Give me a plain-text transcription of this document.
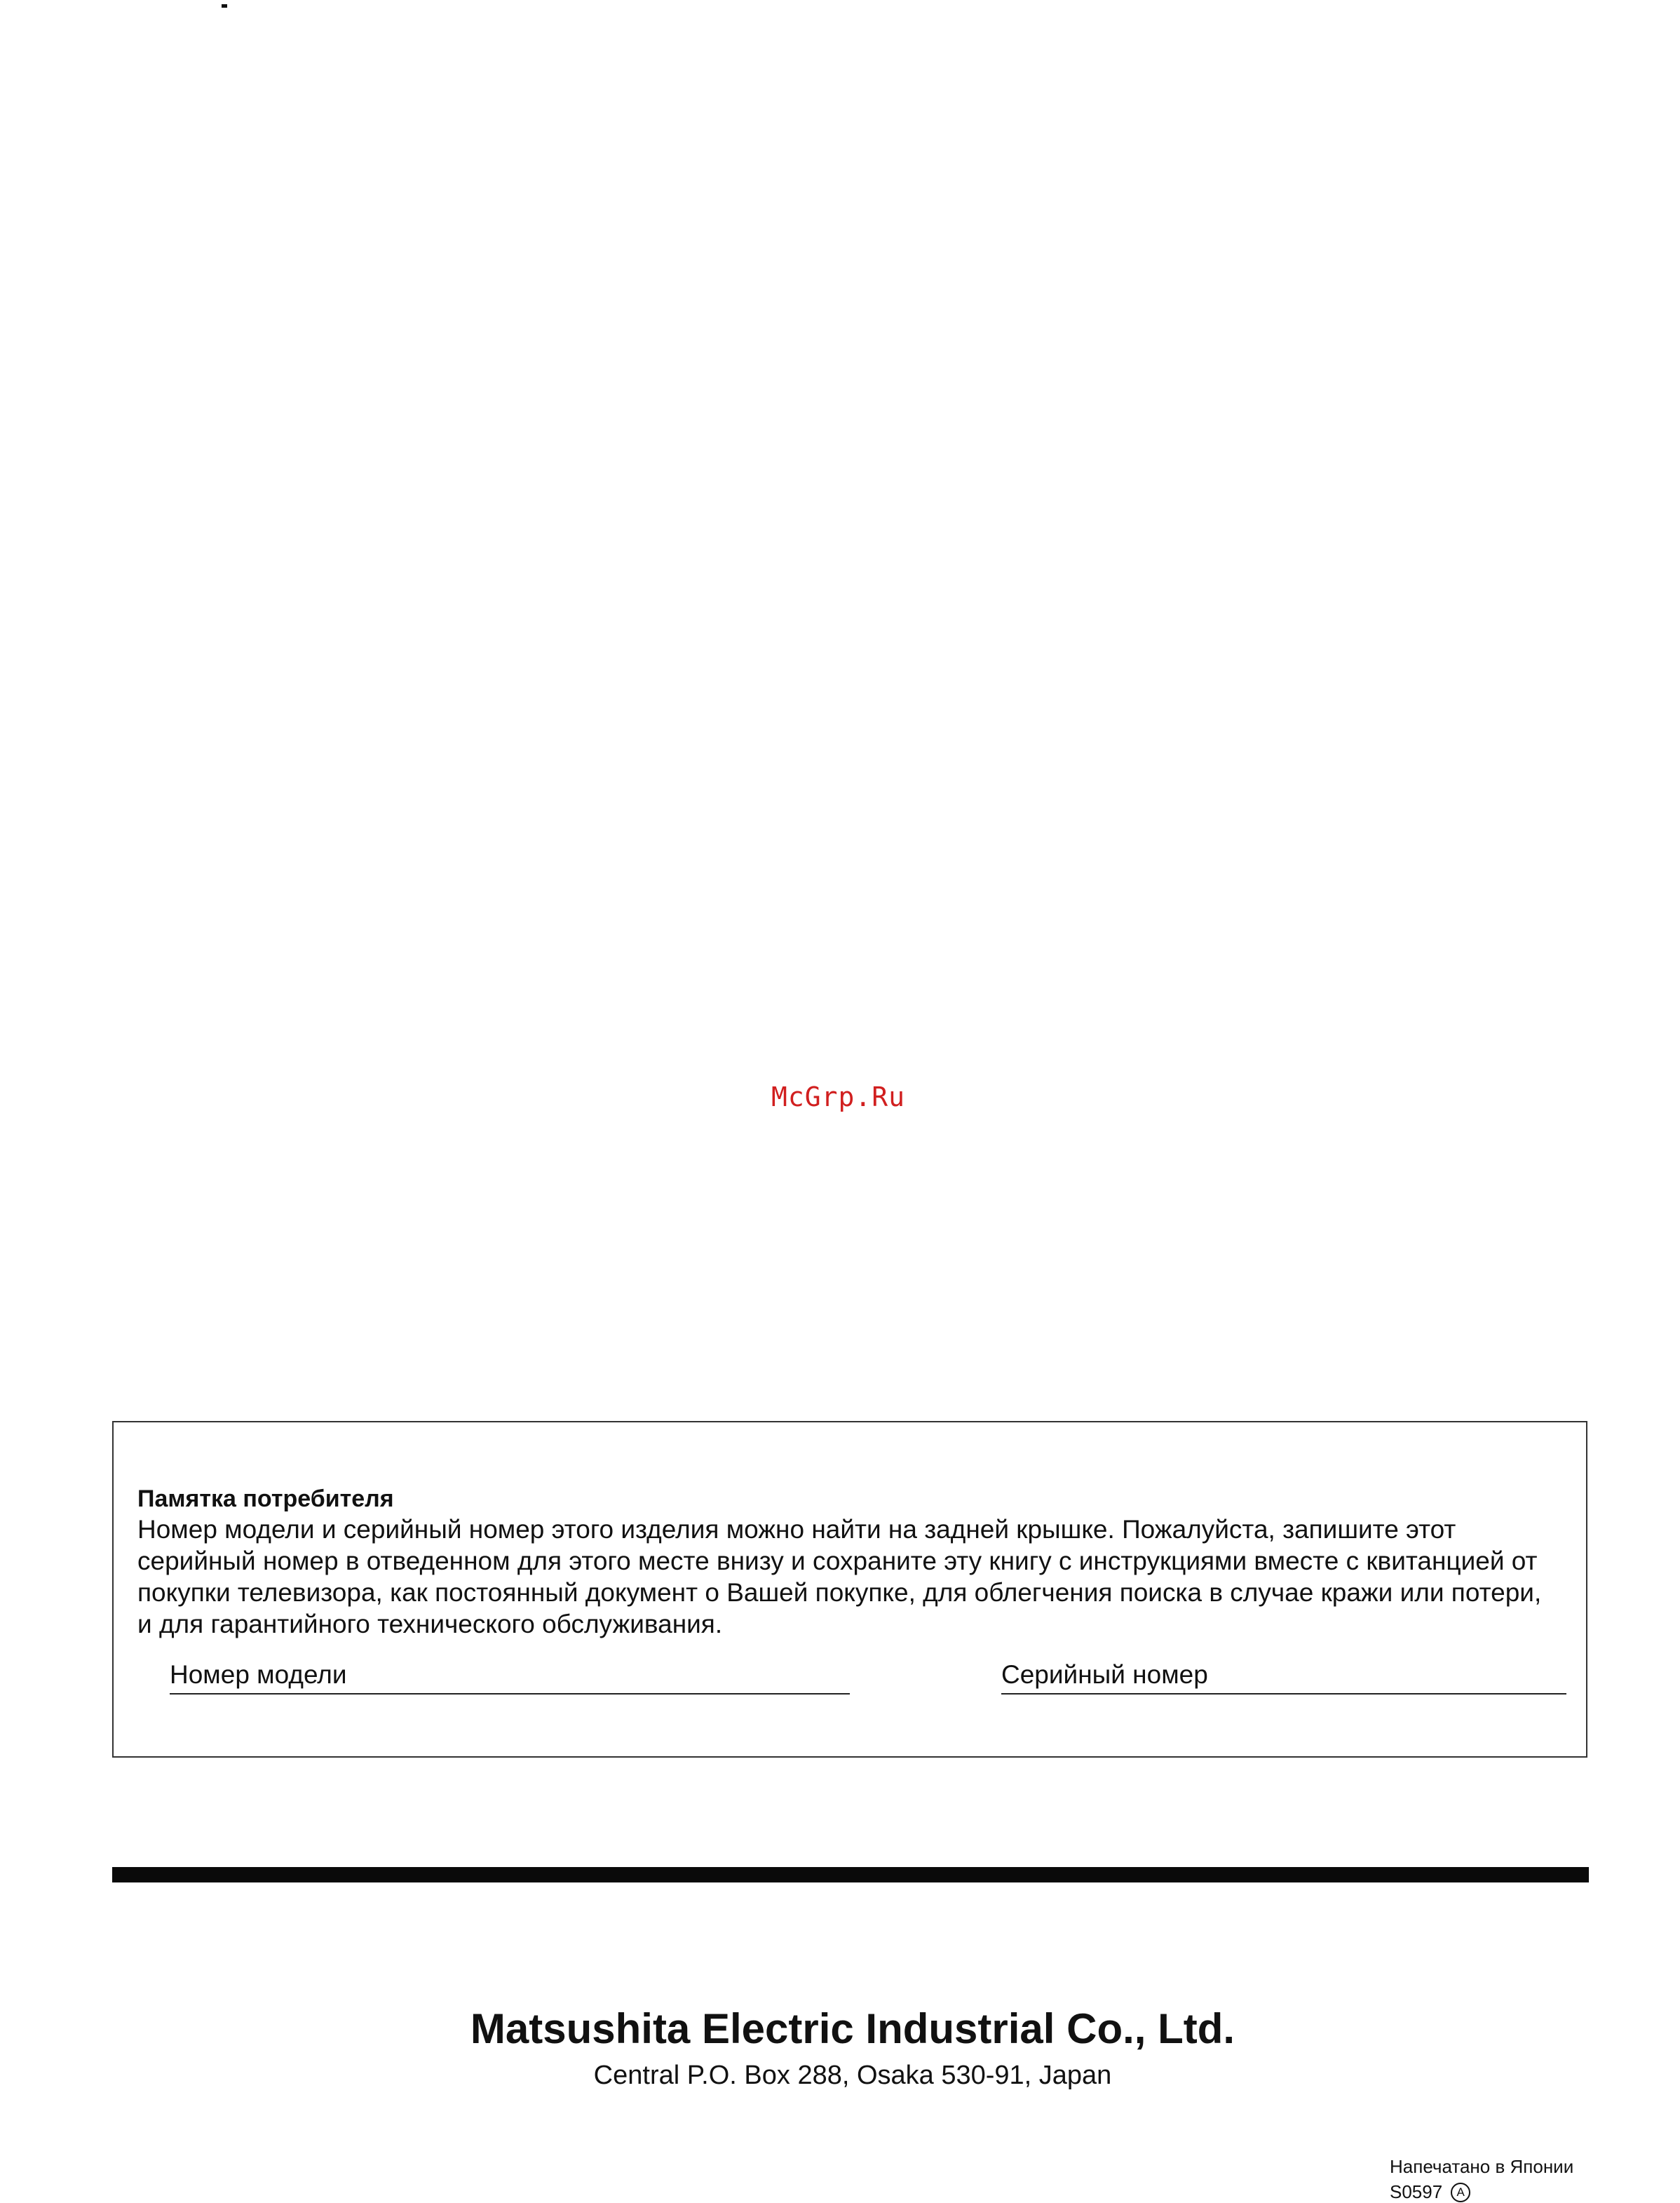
McGrp.Ru
Памятка потребителя
Номер модели и серийный номер этого изделия можно найти на задней крышке. Пожалуйста, запишите этот серийный номер в отведенном для этого месте внизу и сохраните эту книгу с инструкциями вместе с квитанцией от покупки телевизора, как постоянный документ о Вашей покупке, для облегчения поиска в случае кражи или потери, и для гарантийного технического обслуживания.
Номер модели	Серийный номер
Matsushita Electric Industrial Co., Ltd.
Central P.O. Box 288, Osaka 530-91, Japan
Напечатано в Японии
S0597	A
